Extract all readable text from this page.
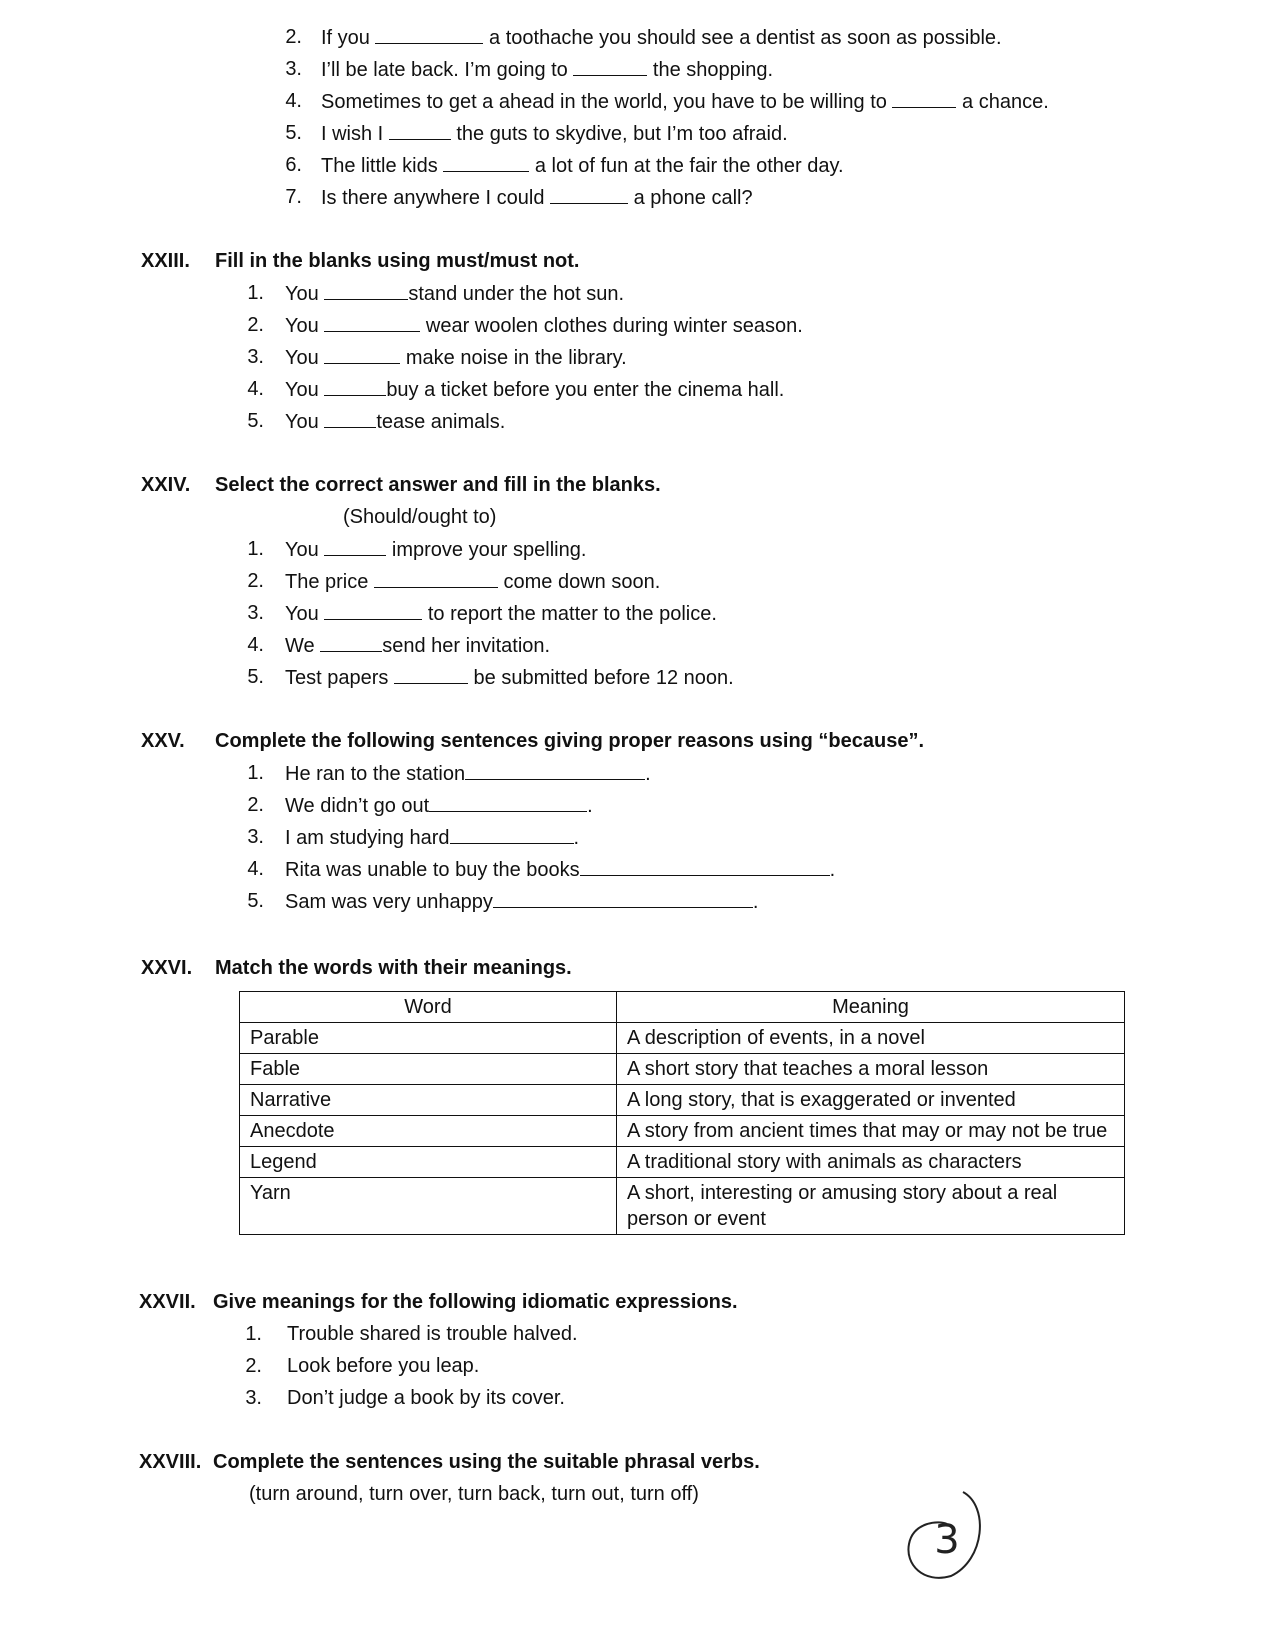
2. If you	a toothache you should see a dentist as soon as possible.
3. I’ll be late back. I’m going to	the shopping.
4. Sometimes to get a ahead in the world, you have to be willing to	a chance.
5. I wish I	the guts to skydive, but I’m too afraid.
6. The little kids	a lot of fun at the fair the other day.
7. Is there anywhere I could	a phone call?
XXIII. Fill in the blanks using must/must not.
1. You	stand under the hot sun.
2. You	wear woolen clothes during winter season.
3. You	make noise in the library.
4. You	buy a ticket before you enter the cinema hall.
5. You	tease animals.
XXIV. Select the correct answer and fill in the blanks.
(Should/ought to)
1. You	improve your spelling.
2. The price	come down soon.
3. You	to report the matter to the police.
4. We	send her invitation.
5. Test papers	be submitted before 12 noon.
XXV. Complete the following sentences giving proper reasons using “because”.
1. He ran to the station	.
2. We didn’t go out	.
3. I am studying hard	.
4. Rita was unable to buy the books	.
5. Sam was very unhappy	.
XXVI. Match the words with their meanings.
Word	Meaning
Parable	A description of events, in a novel
Fable	A short story that teaches a moral lesson
Narrative	A long story, that is exaggerated or invented
Anecdote	A story from ancient times that may or may not be true
Legend	A traditional story with animals as characters
Yarn	A short, interesting or amusing story about a real person or event
XXVII. Give meanings for the following idiomatic expressions.
1. Trouble shared is trouble halved.
2. Look before you leap.
3. Don’t judge a book by its cover.
XXVIII. Complete the sentences using the suitable phrasal verbs.
(turn around, turn over, turn back, turn out, turn off)
3
